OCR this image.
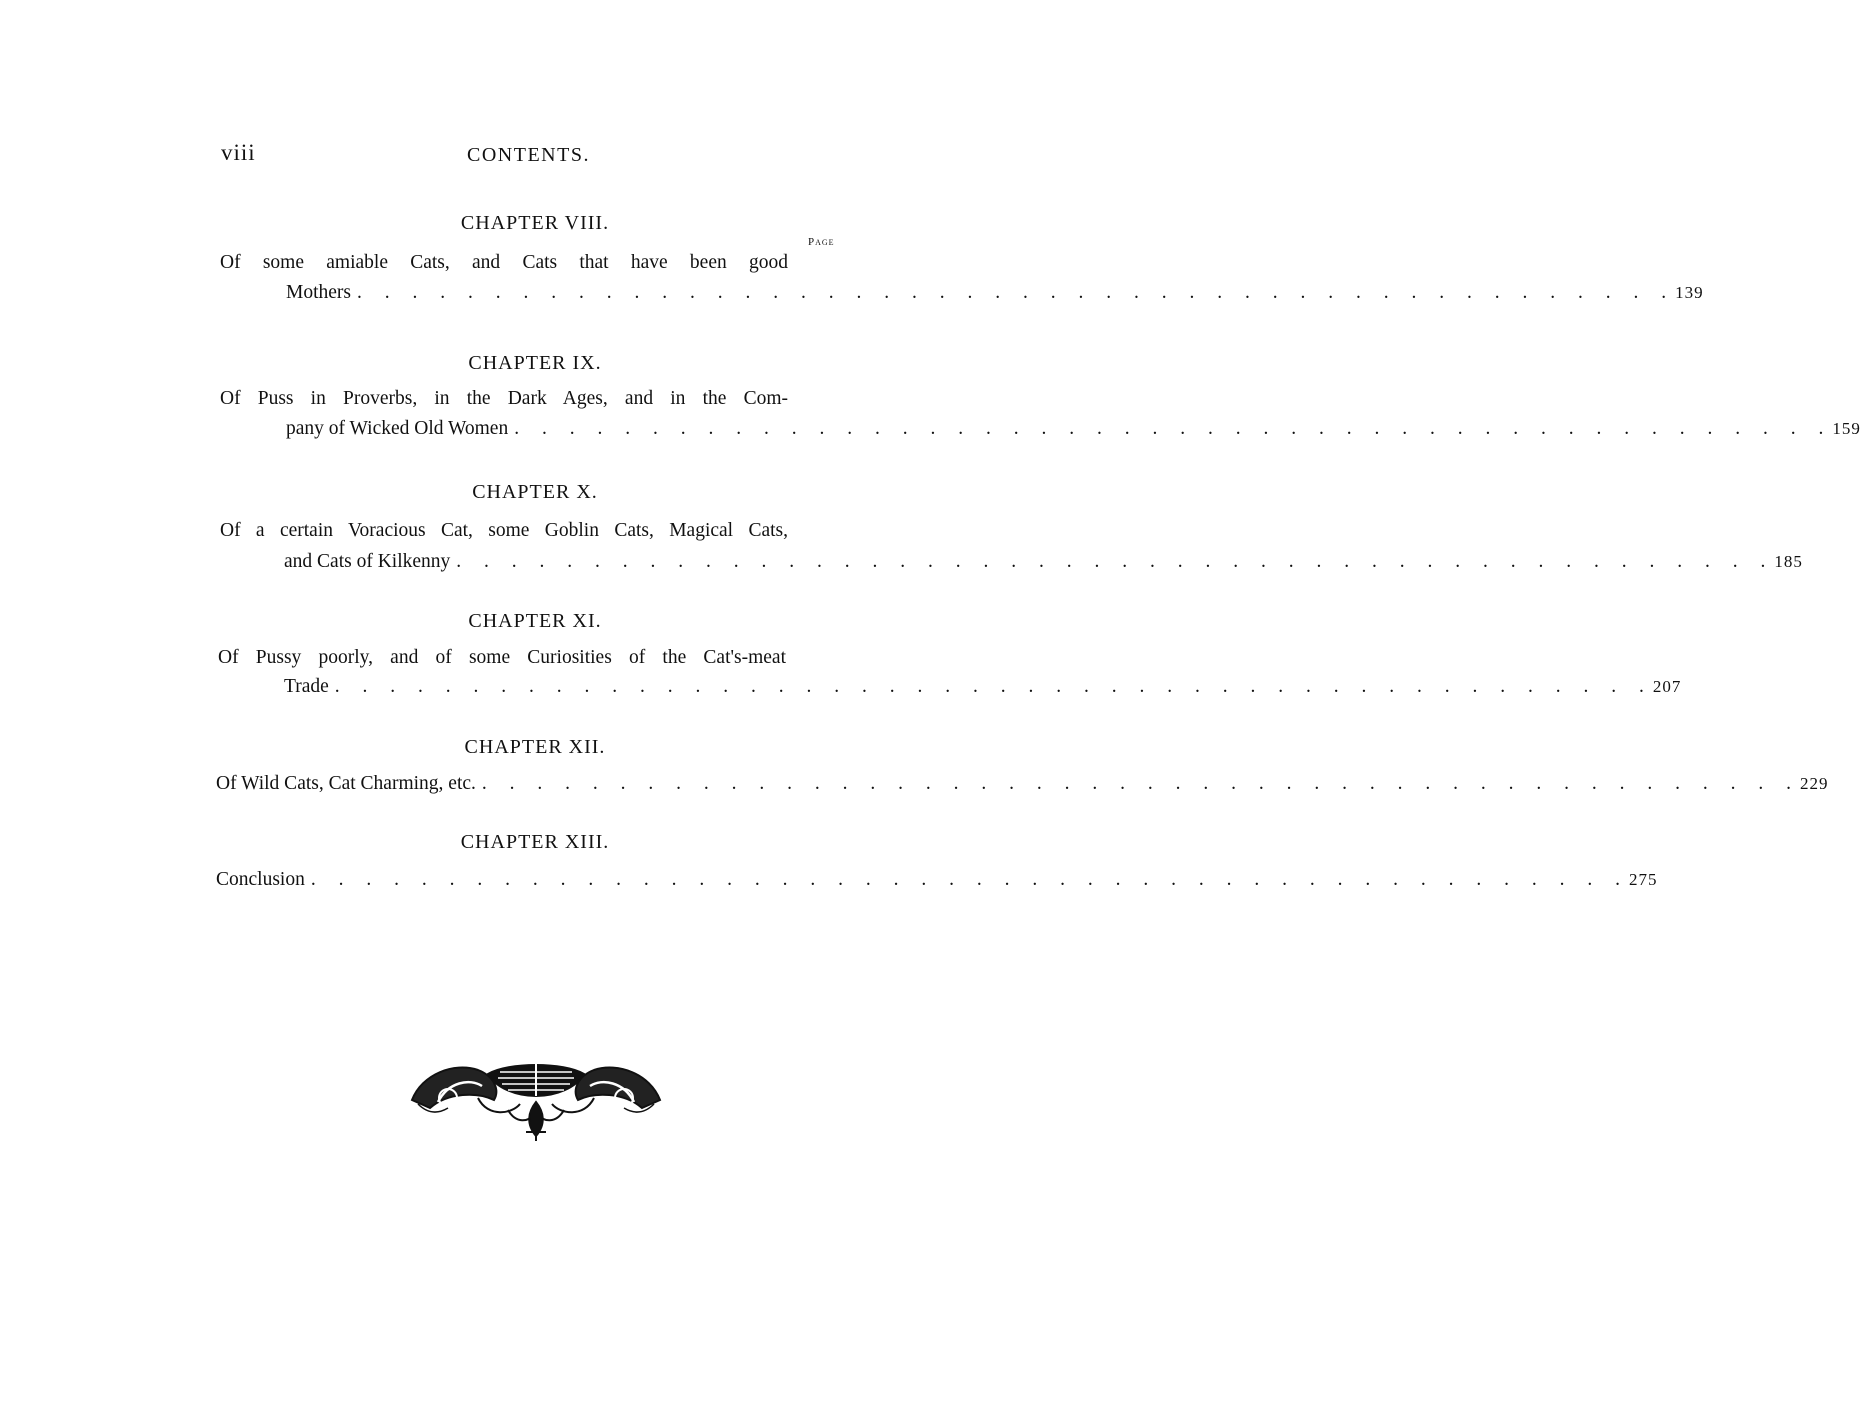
viii	CONTENTS.
CHAPTER VIII.
Page
Of some amiable Cats, and Cats that have been good
Mothers . . . . . . . . . . . . . . . . . . . . . . . . . . . . . . . . . . . . . . . . . . . . . . . . 139
CHAPTER IX.
Of Puss in Proverbs, in the Dark Ages, and in the Com-
pany of Wicked Old Women . . . . . . . . . . . . . . . . . . . . . . . . . . . . . . . . . . . . . . . . . . . . . . . . 159
CHAPTER X.
Of a certain Voracious Cat, some Goblin Cats, Magical Cats,
and Cats of Kilkenny . . . . . . . . . . . . . . . . . . . . . . . . . . . . . . . . . . . . . . . . . . . . . . . . 185
CHAPTER XI.
Of Pussy poorly, and of some Curiosities of the Cat's-meat
Trade . . . . . . . . . . . . . . . . . . . . . . . . . . . . . . . . . . . . . . . . . . . . . . . . 207
CHAPTER XII.
Of Wild Cats, Cat Charming, etc. . . . . . . . . . . . . . . . . . . . . . . . . . . . . . . . . . . . . . . . . . . . . . . . . 229
CHAPTER XIII.
Conclusion . . . . . . . . . . . . . . . . . . . . . . . . . . . . . . . . . . . . . . . . . . . . . . . . 275
